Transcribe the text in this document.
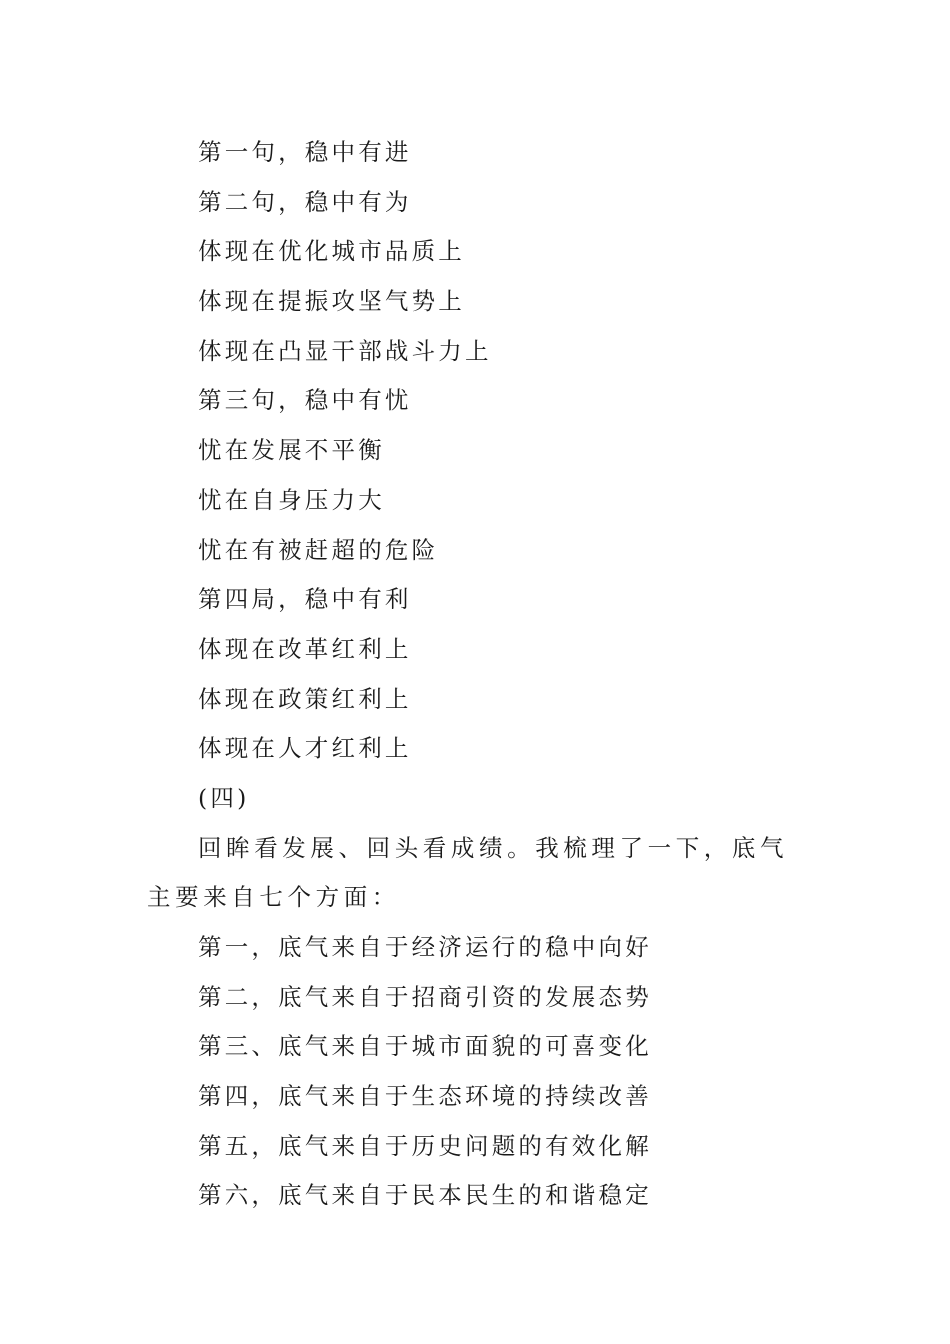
第一句，稳中有进
第二句，稳中有为
体现在优化城市品质上
体现在提振攻坚气势上
体现在凸显干部战斗力上
第三句，稳中有忧
忧在发展不平衡
忧在自身压力大
忧在有被赶超的危险
第四局，稳中有利
体现在改革红利上
体现在政策红利上
体现在人才红利上
(四)
回眸看发展、回头看成绩。我梳理了一下，底气主要来自七个方面：
第一，底气来自于经济运行的稳中向好
第二，底气来自于招商引资的发展态势
第三、底气来自于城市面貌的可喜变化
第四，底气来自于生态环境的持续改善
第五，底气来自于历史问题的有效化解
第六，底气来自于民本民生的和谐稳定
